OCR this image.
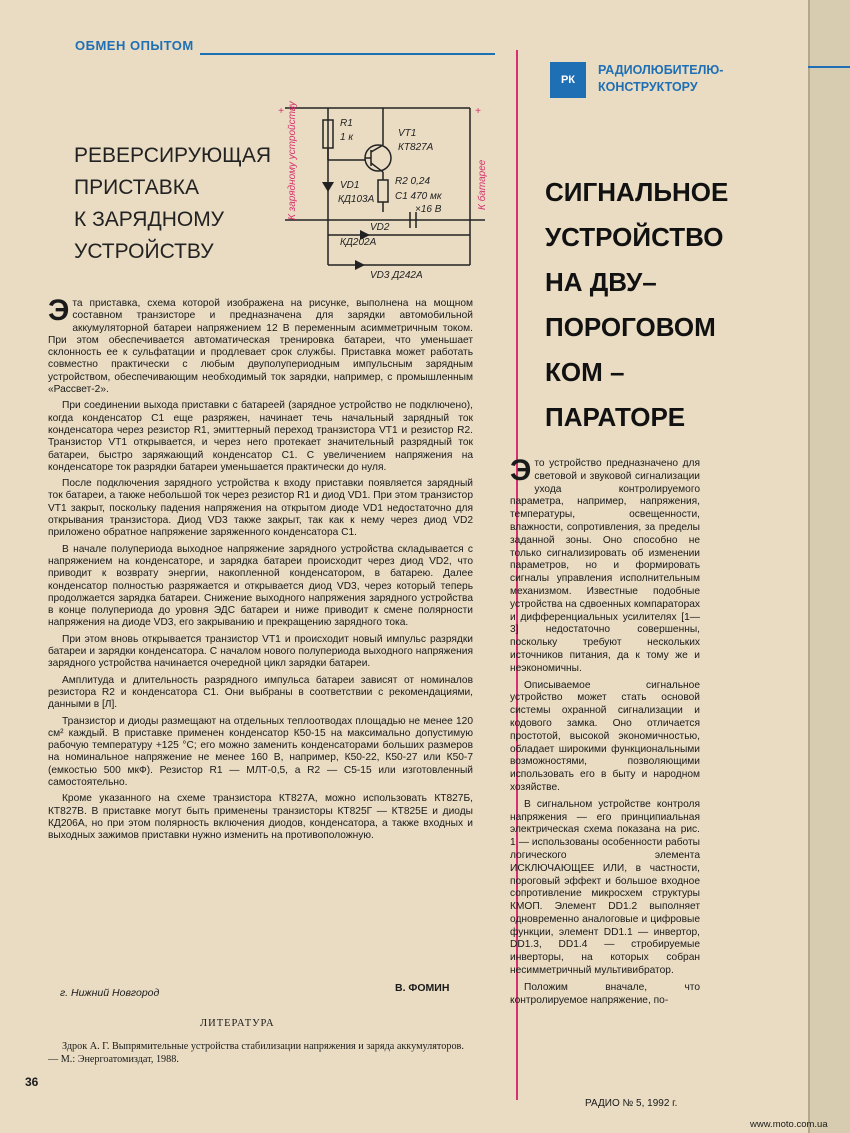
ОБМЕН ОПЫТОМ
РК
РАДИОЛЮБИТЕЛЮ-
КОНСТРУКТОРУ
РЕВЕРСИРУЮЩАЯ
ПРИСТАВКА
К ЗАРЯДНОМУ
УСТРОЙСТВУ
R1
1 к	VT1
КТ827А
VD1
КД103А
R2 0,24
C1 470 мк
×16 В
VD2
КД202А
VD3 Д242А
К зарядному устройству	К батарее
+	+
СИГНАЛЬНОЕ
УСТРОЙСТВО
НА ДВУ–
ПОРОГОВОМ
КОМ –
ПАРАТОРЕ

Эта приставка, схема которой изображена на рисунке, выполнена на мощном составном транзисторе и предназначена для зарядки автомобильной аккумуляторной батареи напряжением 12 В переменным асимметричным током. При этом обеспечивается автоматическая тренировка батареи, что уменьшает склонность ее к сульфатации и продлевает срок службы. Приставка может работать совместно практически с любым двуполупериодным импульсным зарядным устройством, обеспечивающим необходимый ток зарядки, например, с промышленным «Рассвет-2».

При соединении выхода приставки с батареей (зарядное устройство не подключено), когда конденсатор C1 еще разряжен, начинает течь начальный зарядный ток конденсатора через резистор R1, эмиттерный переход транзистора VT1 и резистор R2. Транзистор VT1 открывается, и через него протекает значительный разрядный ток батареи, быстро заряжающий конденсатор C1. С увеличением напряжения на конденсаторе ток разрядки батареи уменьшается практически до нуля.

После подключения зарядного устройства к входу приставки появляется зарядный ток батареи, а также небольшой ток через резистор R1 и диод VD1. При этом транзистор VT1 закрыт, поскольку падения напряжения на открытом диоде VD1 недостаточно для открывания транзистора. Диод VD3 также закрыт, так как к нему через диод VD2 приложено обратное напряжение заряженного конденсатора C1.

В начале полупериода выходное напряжение зарядного устройства складывается с напряжением на конденсаторе, и зарядка батареи происходит через диод VD2, что приводит к возврату энергии, накопленной конденсатором, в батарею. Далее конденсатор полностью разряжается и открывается диод VD3, через который теперь продолжается зарядка батареи. Снижение выходного напряжения зарядного устройства в конце полупериода до уровня ЭДС батареи и ниже приводит к смене полярности напряжения на диоде VD3, его закрыванию и прекращению зарядного тока.

При этом вновь открывается транзистор VT1 и происходит новый импульс разрядки батареи и зарядки конденсатора. С началом нового полупериода выходного напряжения зарядного устройства начинается очередной цикл зарядки батареи.

Амплитуда и длительность разрядного импульса батареи зависят от номиналов резистора R2 и конденсатора C1. Они выбраны в соответствии с рекомендациями, данными в [Л].

Транзистор и диоды размещают на отдельных теплоотводах площадью не менее 120 см² каждый. В приставке применен конденсатор К50-15 на максимально допустимую рабочую температуру +125 °С; его можно заменить конденсаторами больших размеров на номинальное напряжение не менее 160 В, например, К50-22, К50-27 или К50-7 (емкостью 500 мкФ). Резистор R1 — МЛТ-0,5, а R2 — С5-15 или изготовленный самостоятельно.

Кроме указанного на схеме транзистора КТ827А, можно использовать КТ827Б, КТ827В. В приставке могут быть применены транзисторы КТ825Г — КТ825Е и диоды КД206А, но при этом полярность включения диодов, конденсатора, а также входных и выходных зажимов приставки нужно изменить на противоположную.

г. Нижний Новгород	В. ФОМИН
ЛИТЕРАТУРА
Здрок А. Г. Выпрямительные устройства стабилизации напряжения и заряда аккумуляторов.— М.: Энергоатомиздат, 1988.

Это устройство предназначено для световой и звуковой сигнализации ухода контролируемого параметра, например, напряжения, температуры, освещенности, влажности, сопротивления, за пределы заданной зоны. Оно способно не только сигнализировать об изменении параметров, но и формировать сигналы управления исполнительным механизмом. Известные подобные устройства на сдвоенных компараторах и дифференциальных усилителях [1—3] недостаточно совершенны, поскольку требуют нескольких источников питания, да к тому же и неэкономичны.

Описываемое сигнальное устройство может стать основой системы охранной сигнализации и кодового замка. Оно отличается простотой, высокой экономичностью, обладает широкими функциональными возможностями, позволяющими использовать его в быту и народном хозяйстве.

В сигнальном устройстве контроля напряжения — его принципиальная электрическая схема показана на рис. 1 — использованы особенности работы логического элемента ИСКЛЮЧАЮЩЕЕ ИЛИ, в частности, пороговый эффект и большое входное сопротивление микросхем структуры КМОП. Элемент DD1.2 выполняет одновременно аналоговые и цифровые функции, элемент DD1.1 — инвертор, DD1.3, DD1.4 — стробируемые инверторы, на которых собран несимметричный мультивибратор.

Положим вначале, что контролируемое напряжение, по-

36
РАДИО № 5, 1992 г.
www.moto.com.ua
